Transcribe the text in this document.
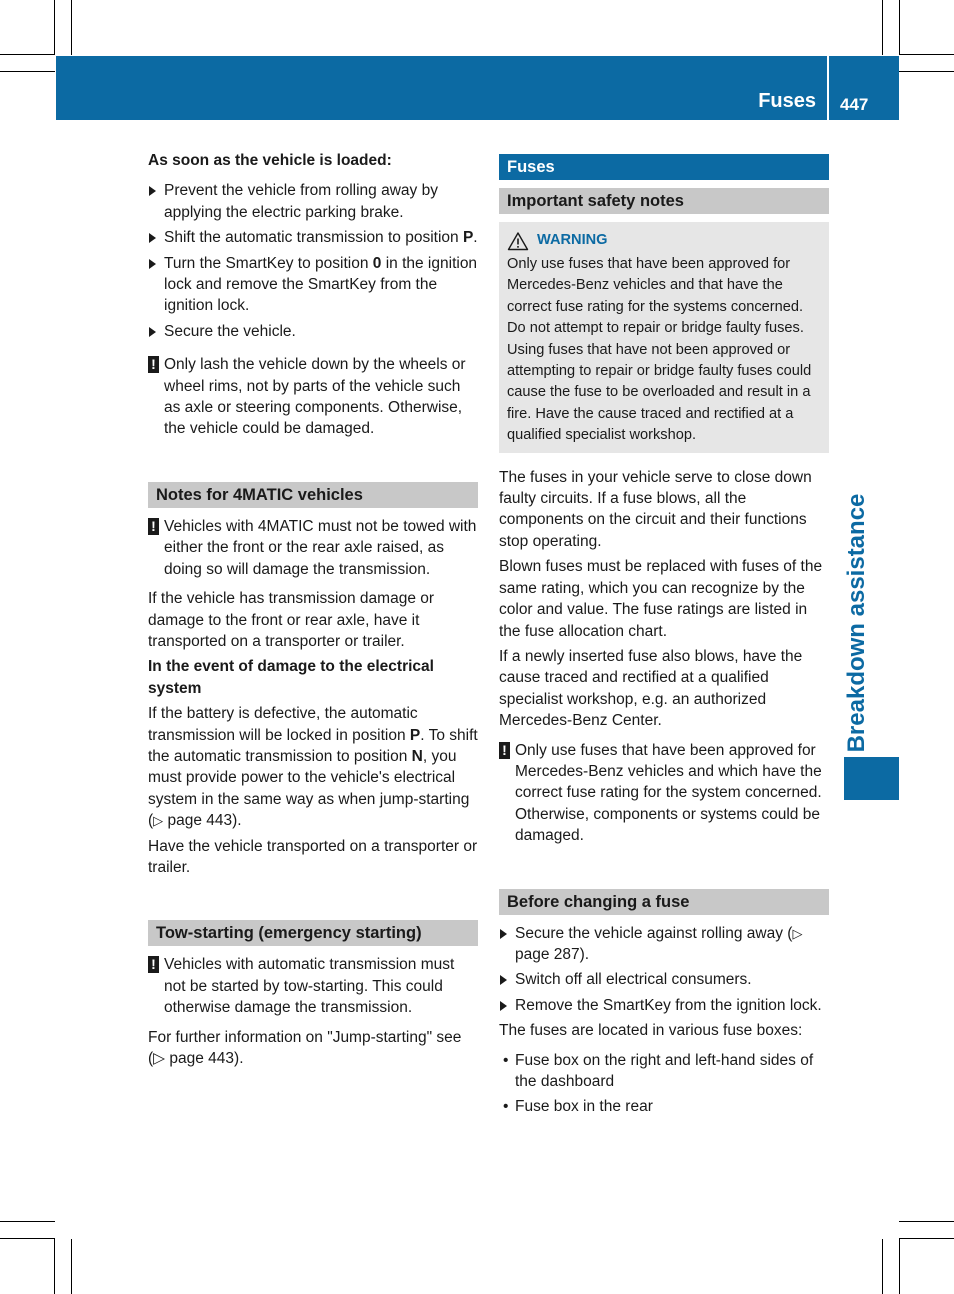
Fuses 447
Breakdown assistance

As soon as the vehicle is loaded:

Prevent the vehicle from rolling away by applying the electric parking brake.
Shift the automatic transmission to position P.
Turn the SmartKey to position 0 in the ignition lock and remove the SmartKey from the ignition lock.
Secure the vehicle.
! Only lash the vehicle down by the wheels or wheel rims, not by parts of the vehicle such as axle or steering components. Otherwise, the vehicle could be damaged.
Notes for 4MATIC vehicles
! Vehicles with 4MATIC must not be towed with either the front or the rear axle raised, as doing so will damage the transmission.

If the vehicle has transmission damage or damage to the front or rear axle, have it transported on a transporter or trailer.

In the event of damage to the electrical system

If the battery is defective, the automatic transmission will be locked in position P. To shift the automatic transmission to position N, you must provide power to the vehicle's electrical system in the same way as when jump-starting (▷ page 443).

Have the vehicle transported on a transporter or trailer.

Tow-starting (emergency starting)
! Vehicles with automatic transmission must not be started by tow-starting. This could otherwise damage the transmission.

For further information on "Jump-starting" see (▷ page 443).

Fuses
Important safety notes
WARNING
Only use fuses that have been approved for Mercedes-Benz vehicles and that have the correct fuse rating for the systems concerned. Do not attempt to repair or bridge faulty fuses. Using fuses that have not been approved or attempting to repair or bridge faulty fuses could cause the fuse to be overloaded and result in a fire. Have the cause traced and rectified at a qualified specialist workshop.

The fuses in your vehicle serve to close down faulty circuits. If a fuse blows, all the components on the circuit and their functions stop operating.

Blown fuses must be replaced with fuses of the same rating, which you can recognize by the color and value. The fuse ratings are listed in the fuse allocation chart.

If a newly inserted fuse also blows, have the cause traced and rectified at a qualified specialist workshop, e.g. an authorized Mercedes-Benz Center.

! Only use fuses that have been approved for Mercedes-Benz vehicles and which have the correct fuse rating for the system concerned. Otherwise, components or systems could be damaged.
Before changing a fuse
Secure the vehicle against rolling away (▷ page 287).
Switch off all electrical consumers.
Remove the SmartKey from the ignition lock.

The fuses are located in various fuse boxes:

• Fuse box on the right and left-hand sides of the dashboard
• Fuse box in the rear
